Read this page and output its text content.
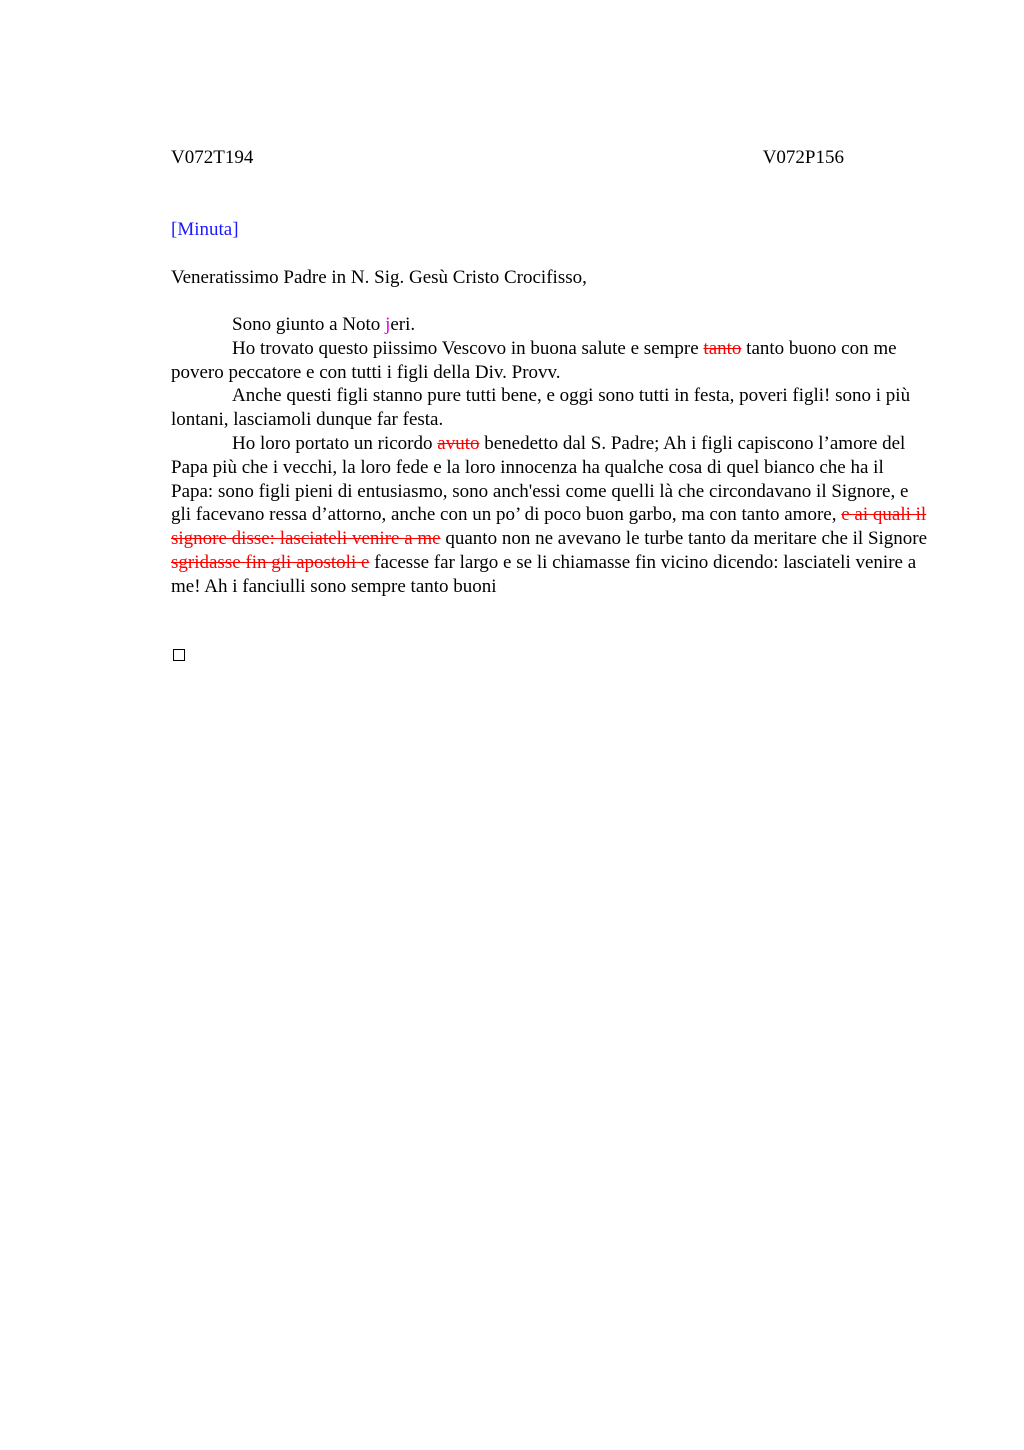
V072T194	V072P156
[Minuta]
Veneratissimo Padre in N. Sig. Gesù Cristo Crocifisso,

Sono giunto a Noto jeri.

Ho trovato questo piissimo Vescovo in buona salute e sempre tanto tanto buono con me povero peccatore e con tutti i figli della Div. Provv.

Anche questi figli stanno pure tutti bene, e oggi sono tutti in festa, poveri figli! sono i più lontani, lasciamoli dunque far festa.

Ho loro portato un ricordo avuto benedetto dal S. Padre; Ah i figli capiscono l’amore del Papa più che i vecchi, la loro fede e la loro innocenza ha qualche cosa di quel bianco che ha il Papa: sono figli pieni di entusiasmo, sono anch'essi come quelli là che circondavano il Signore, e gli facevano ressa d’attorno, anche con un po’ di poco buon garbo, ma con tanto amore, e ai quali il signore disse: lasciateli venire a me quanto non ne avevano le turbe tanto da meritare che il Signore sgridasse fin gli apostoli e facesse far largo e se li chiamasse fin vicino dicendo: lasciateli venire a me! Ah i fanciulli sono sempre tanto buoni
